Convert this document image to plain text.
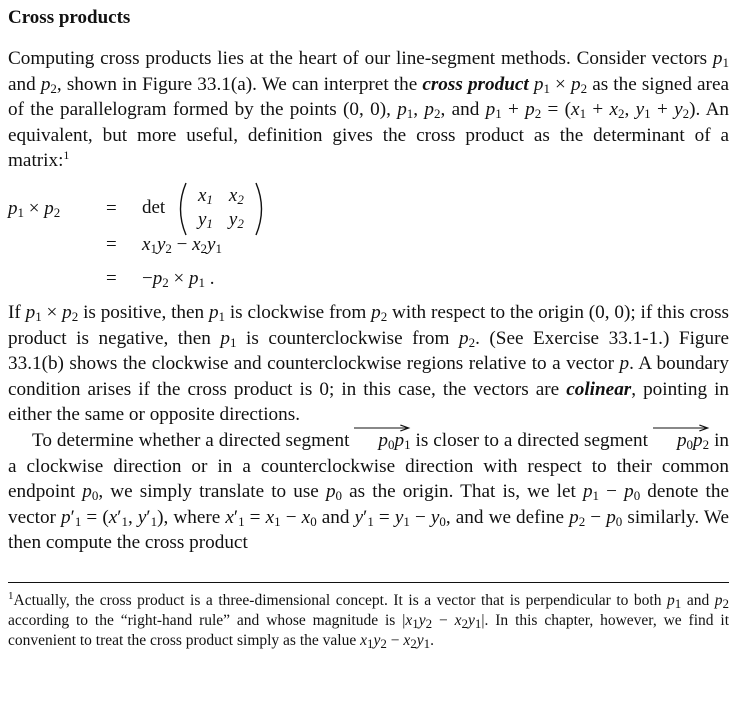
Cross products

Computing cross products lies at the heart of our line-segment methods. Consider vectors $p_1$ and $p_2$, shown in Figure 33.1(a). We can interpret the cross product $p_1 \times p_2$ as the signed area of the parallelogram formed by the points (0, 0), $p_1$, $p_2$, and $p_1 + p_2 = (x_1 + x_2$, $y_1 + y_2$). An equivalent, but more useful, definition gives the cross product as the determinant of a matrix:$^1$

$p_1 \times p_2 = \det$
$x_1$	$x_2$
$y_1$	$y_2$
= $x_1y_2 - x_2y_1$
= $-p_2 \times p_1$ .

If $p_1 \times p_2$ is positive, then $p_1$ is clockwise from $p_2$ with respect to the origin (0, 0); if this cross product is negative, then $p_1$ is counterclockwise from $p_2$. (See Exercise 33.1-1.) Figure 33.1(b) shows the clockwise and counterclockwise regions relative to a vector p. A boundary condition arises if the cross product is 0; in this case, the vectors are colinear, pointing in either the same or opposite directions.

To determine whether a directed segment
$p_0p_1$ is closer to a directed segment
$p_0p_2$ in a clockwise direction or in a counterclockwise direction with respect to their common endpoint $p_0$, we simply translate to use $p_0$ as the origin. That is, we let $p_1 - p_0$ denote the vector $p'_1 = (x'_1$, $y'_1$), where $x'_1 = x_1 - x_0$ and $y'_1 = y_1 - y_0$, and we define $p_2 - p_0$ similarly. We then compute the cross product

$^1$Actually, the cross product is a three-dimensional concept. It is a vector that is perpendicular to both $p_1$ and $p_2$ according to the “right-hand rule” and whose magnitude is $|x_1y_2 - x_2y_1|$. In this chapter, however, we find it convenient to treat the cross product simply as the value $x_1y_2 - x_2y_1$.
